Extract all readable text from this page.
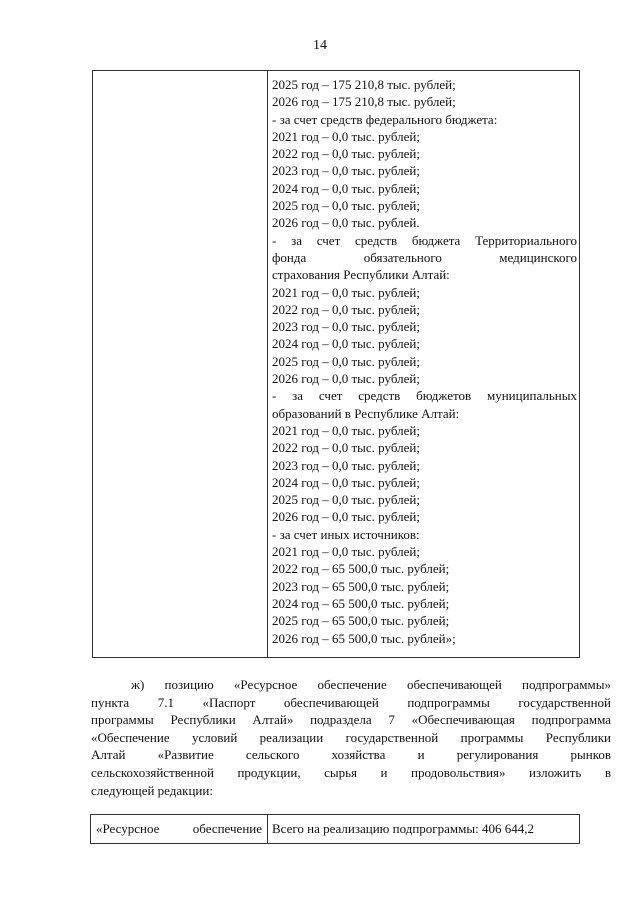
14
2025 год – 175 210,8 тыс. рублей;
2026 год – 175 210,8 тыс. рублей;
- за счет средств федерального бюджета:
2021 год – 0,0 тыс. рублей;
2022 год – 0,0 тыс. рублей;
2023 год – 0,0 тыс. рублей;
2024 год – 0,0 тыс. рублей;
2025 год – 0,0 тыс. рублей;
2026 год – 0,0 тыс. рублей.
- за счет средств бюджета Территориального
фонда обязательного медицинского
страхования Республики Алтай:
2021 год – 0,0 тыс. рублей;
2022 год – 0,0 тыс. рублей;
2023 год – 0,0 тыс. рублей;
2024 год – 0,0 тыс. рублей;
2025 год – 0,0 тыс. рублей;
2026 год – 0,0 тыс. рублей;
- за счет средств бюджетов муниципальных
образований в Республике Алтай:
2021 год – 0,0 тыс. рублей;
2022 год – 0,0 тыс. рублей;
2023 год – 0,0 тыс. рублей;
2024 год – 0,0 тыс. рублей;
2025 год – 0,0 тыс. рублей;
2026 год – 0,0 тыс. рублей;
- за счет иных источников:
2021 год – 0,0 тыс. рублей;
2022 год – 65 500,0 тыс. рублей;
2023 год – 65 500,0 тыс. рублей;
2024 год – 65 500,0 тыс. рублей;
2025 год – 65 500,0 тыс. рублей;
2026 год – 65 500,0 тыс. рублей»;
ж) позицию «Ресурсное обеспечение обеспечивающей подпрограммы»
пункта 7.1 «Паспорт обеспечивающей подпрограммы государственной
программы Республики Алтай» подраздела 7 «Обеспечивающая подпрограмма
«Обеспечение условий реализации государственной программы Республики
Алтай «Развитие сельского хозяйства и регулирования рынков
сельскохозяйственной продукции, сырья и продовольствия» изложить в
следующей редакции:
«Ресурсное обеспечение Всего на реализацию подпрограммы: 406 644,2
